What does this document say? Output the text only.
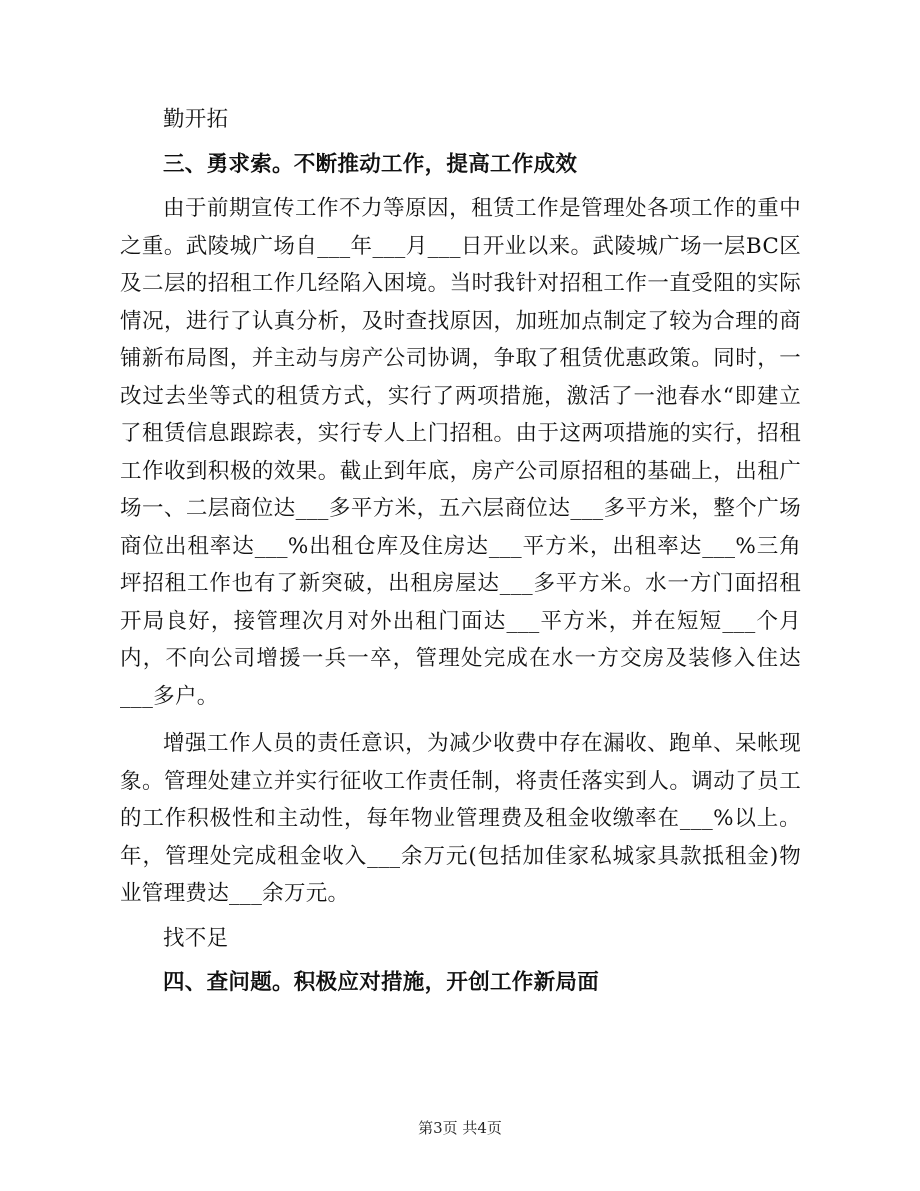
勤开拓

三、勇求索。不断推动工作，提高工作成效

由于前期宣传工作不力等原因，租赁工作是管理处各项工作的重中之重。武陵城广场自___年___月___日开业以来。武陵城广场一层BC区及二层的招租工作几经陷入困境。当时我针对招租工作一直受阻的实际情况，进行了认真分析，及时查找原因，加班加点制定了较为合理的商铺新布局图，并主动与房产公司协调，争取了租赁优惠政策。同时，一改过去坐等式的租赁方式，实行了两项措施，激活了一池春水“即建立了租赁信息跟踪表，实行专人上门招租。由于这两项措施的实行，招租工作收到积极的效果。截止到年底，房产公司原招租的基础上，出租广场一、二层商位达___多平方米，五六层商位达___多平方米，整个广场商位出租率达___%出租仓库及住房达___平方米，出租率达___%三角坪招租工作也有了新突破，出租房屋达___多平方米。水一方门面招租开局良好，接管理次月对外出租门面达___平方米，并在短短___个月内，不向公司增援一兵一卒，管理处完成在水一方交房及装修入住达___多户。

增强工作人员的责任意识，为减少收费中存在漏收、跑单、呆帐现象。管理处建立并实行征收工作责任制，将责任落实到人。调动了员工的工作积极性和主动性，每年物业管理费及租金收缴率在___%以上。年，管理处完成租金收入___余万元(包括加佳家私城家具款抵租金)物业管理费达___余万元。

找不足

四、查问题。积极应对措施，开创工作新局面

第3页 共4页
